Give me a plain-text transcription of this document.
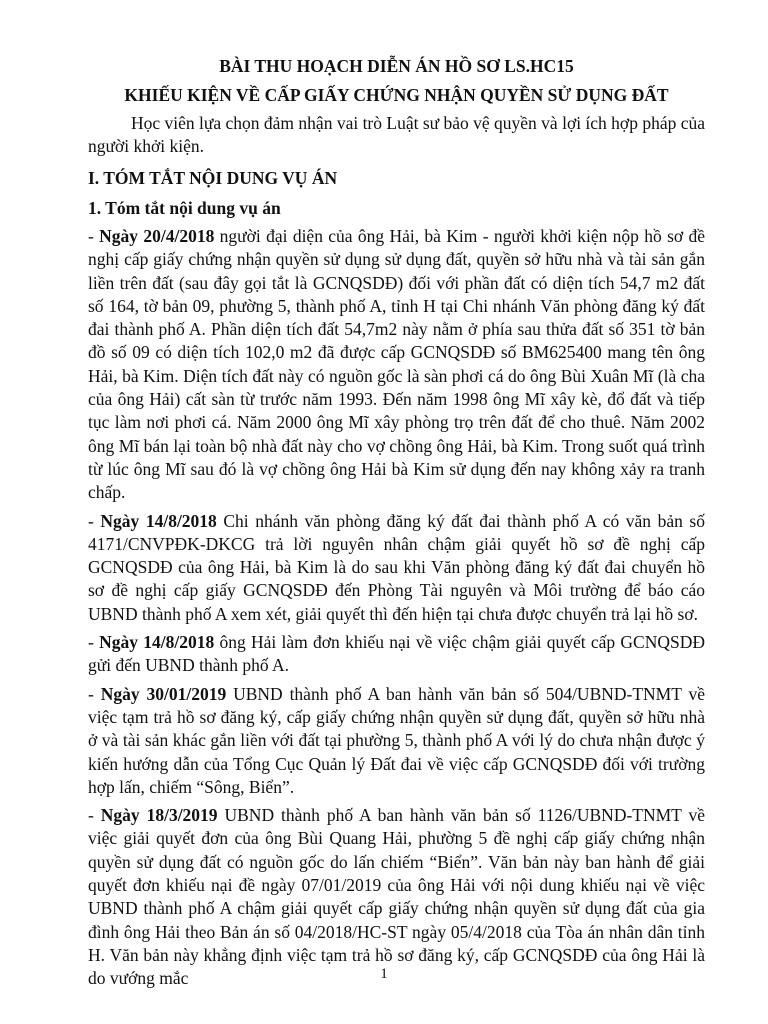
BÀI THU HOẠCH DIỄN ÁN HỒ SƠ LS.HC15

KHIẾU KIỆN VỀ CẤP GIẤY CHỨNG NHẬN QUYỀN SỬ DỤNG ĐẤT

Học viên lựa chọn đảm nhận vai trò Luật sư bảo vệ quyền và lợi ích hợp pháp của người khởi kiện.

I. TÓM TẮT NỘI DUNG VỤ ÁN

1. Tóm tắt nội dung vụ án

- Ngày 20/4/2018 người đại diện của ông Hải, bà Kim - người khởi kiện nộp hồ sơ đề nghị cấp giấy chứng nhận quyền sử dụng sử dụng đất, quyền sở hữu nhà và tài sản gắn liền trên đất (sau đây gọi tắt là GCNQSDĐ) đối với phần đất có diện tích 54,7 m2 đất số 164, tờ bản 09, phường 5, thành phố A, tỉnh H tại Chi nhánh Văn phòng đăng ký đất đai thành phố A. Phần diện tích đất 54,7m2 này nằm ở phía sau thửa đất số 351 tờ bản đồ số 09 có diện tích 102,0 m2 đã được cấp GCNQSDĐ số BM625400 mang tên ông Hải, bà Kim. Diện tích đất này có nguồn gốc là sàn phơi cá do ông Bùi Xuân Mĩ (là cha của ông Hải) cất sàn từ trước năm 1993. Đến năm 1998 ông Mĩ xây kè, đổ đất và tiếp tục làm nơi phơi cá. Năm 2000 ông Mĩ xây phòng trọ trên đất để cho thuê. Năm 2002 ông Mĩ bán lại toàn bộ nhà đất này cho vợ chồng ông Hải, bà Kim. Trong suốt quá trình từ lúc ông Mĩ sau đó là vợ chồng ông Hải bà Kim sử dụng đến nay không xảy ra tranh chấp.

- Ngày 14/8/2018 Chi nhánh văn phòng đăng ký đất đai thành phố A có văn bản số 4171/CNVPĐK-DKCG trả lời nguyên nhân chậm giải quyết hồ sơ đề nghị cấp GCNQSDĐ của ông Hải, bà Kim là do sau khi Văn phòng đăng ký đất đai chuyển hồ sơ đề nghị cấp giấy GCNQSDĐ đến Phòng Tài nguyên và Môi trường để báo cáo UBND thành phố A xem xét, giải quyết thì đến hiện tại chưa được chuyển trả lại hồ sơ.

- Ngày 14/8/2018 ông Hải làm đơn khiếu nại về việc chậm giải quyết cấp GCNQSDĐ gửi đến UBND thành phố A.

- Ngày 30/01/2019 UBND thành phố A ban hành văn bản số 504/UBND-TNMT về việc tạm trả hồ sơ đăng ký, cấp giấy chứng nhận quyền sử dụng đất, quyền sở hữu nhà ở và tài sản khác gắn liền với đất tại phường 5, thành phố A với lý do chưa nhận được ý kiến hướng dẫn của Tổng Cục Quản lý Đất đai về việc cấp GCNQSDĐ đối với trường hợp lấn, chiếm “Sông, Biển”.

- Ngày 18/3/2019 UBND thành phố A ban hành văn bản số 1126/UBND-TNMT về việc giải quyết đơn của ông Bùi Quang Hải, phường 5 đề nghị cấp giấy chứng nhận quyền sử dụng đất có nguồn gốc do lấn chiếm “Biển”. Văn bản này ban hành để giải quyết đơn khiếu nại đề ngày 07/01/2019 của ông Hải với nội dung khiếu nại về việc UBND thành phố A chậm giải quyết cấp giấy chứng nhận quyền sử dụng đất của gia đình ông Hải theo Bản án số 04/2018/HC-ST ngày 05/4/2018 của Tòa án nhân dân tỉnh H. Văn bản này khẳng định việc tạm trả hồ sơ đăng ký, cấp GCNQSDĐ của ông Hải là do vướng mắc	1
